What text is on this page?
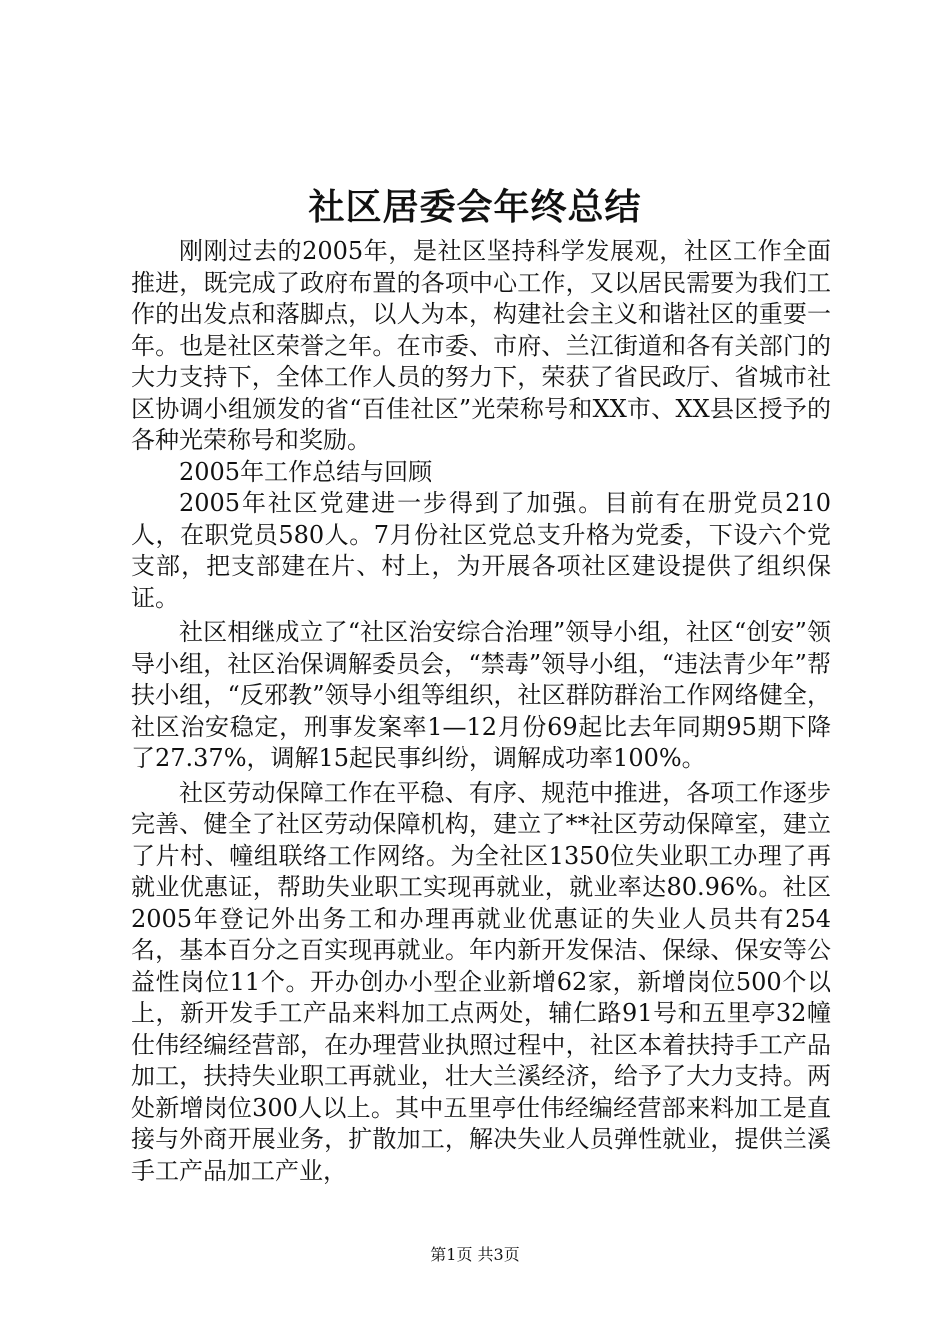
社区居委会年终总结

刚刚过去的2005年，是社区坚持科学发展观，社区工作全面推进，既完成了政府布置的各项中心工作，又以居民需要为我们工作的出发点和落脚点，以人为本，构建社会主义和谐社区的重要一年。也是社区荣誉之年。在市委、市府、兰江街道和各有关部门的大力支持下，全体工作人员的努力下，荣获了省民政厅、省城市社区协调小组颁发的省“百佳社区”光荣称号和XX市、XX县区授予的各种光荣称号和奖励。

2005年工作总结与回顾

2005年社区党建进一步得到了加强。目前有在册党员210人，在职党员580人。7月份社区党总支升格为党委，下设六个党支部，把支部建在片、村上，为开展各项社区建设提供了组织保证。

社区相继成立了“社区治安综合治理”领导小组，社区“创安”领导小组，社区治保调解委员会，“禁毒”领导小组，“违法青少年”帮扶小组，“反邪教”领导小组等组织，社区群防群治工作网络健全，社区治安稳定，刑事发案率1—12月份69起比去年同期95期下降了27.37%，调解15起民事纠纷，调解成功率100%。

社区劳动保障工作在平稳、有序、规范中推进，各项工作逐步完善、健全了社区劳动保障机构，建立了**社区劳动保障室，建立了片村、幢组联络工作网络。为全社区1350位失业职工办理了再就业优惠证，帮助失业职工实现再就业，就业率达80.96%。社区2005年登记外出务工和办理再就业优惠证的失业人员共有254名，基本百分之百实现再就业。年内新开发保洁、保绿、保安等公益性岗位11个。开办创办小型企业新增62家，新增岗位500个以上，新开发手工产品来料加工点两处，辅仁路91号和五里亭32幢仕伟经编经营部，在办理营业执照过程中，社区本着扶持手工产品加工，扶持失业职工再就业，壮大兰溪经济，给予了大力支持。两处新增岗位300人以上。其中五里亭仕伟经编经营部来料加工是直接与外商开展业务，扩散加工，解决失业人员弹性就业，提供兰溪手工产品加工产业，

第1页 共3页
